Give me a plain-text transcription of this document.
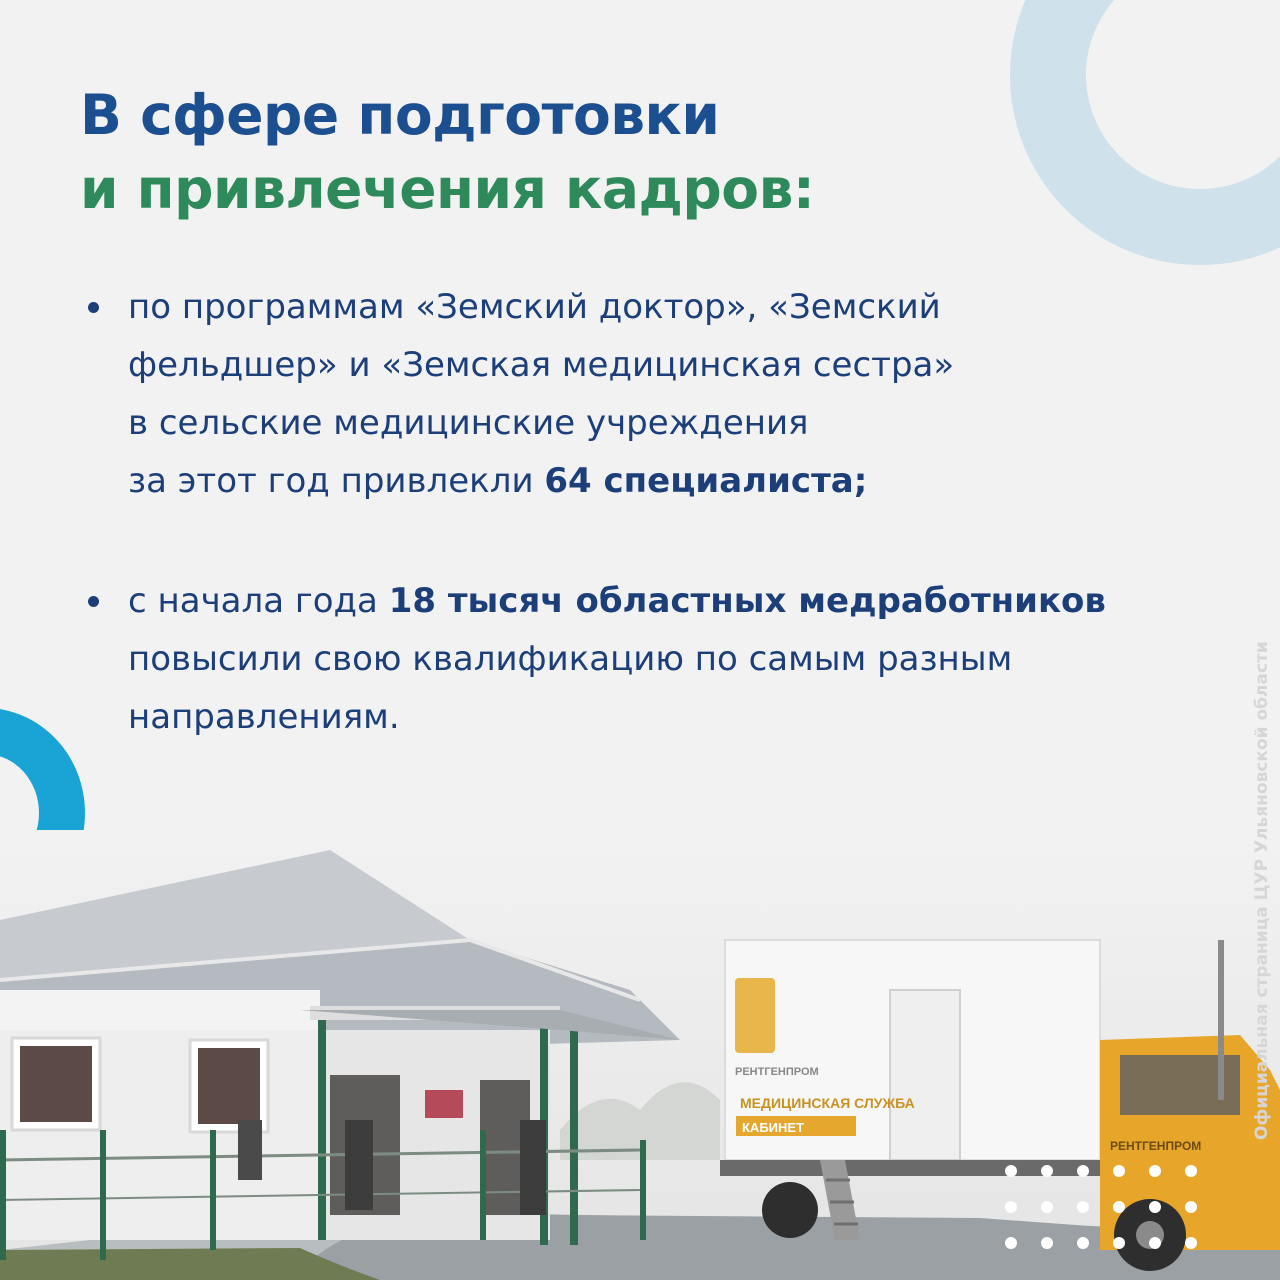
В сфере подготовки
и привлечения кадров:
по программам «Земский доктор», «Земский
фельдшер» и «Земская медицинская сестра»
в сельские медицинские учреждения
за этот год привлекли 64 специалиста;
с начала года 18 тысяч областных медработников
повысили свою квалификацию по самым разным
направлениям.
РЕНТГЕНПРОМ
МЕДИЦИНСКАЯ СЛУЖБА
КАБИНЕТ
РЕНТГЕНПРОМ
Официальная страница ЦУР Ульяновской области
